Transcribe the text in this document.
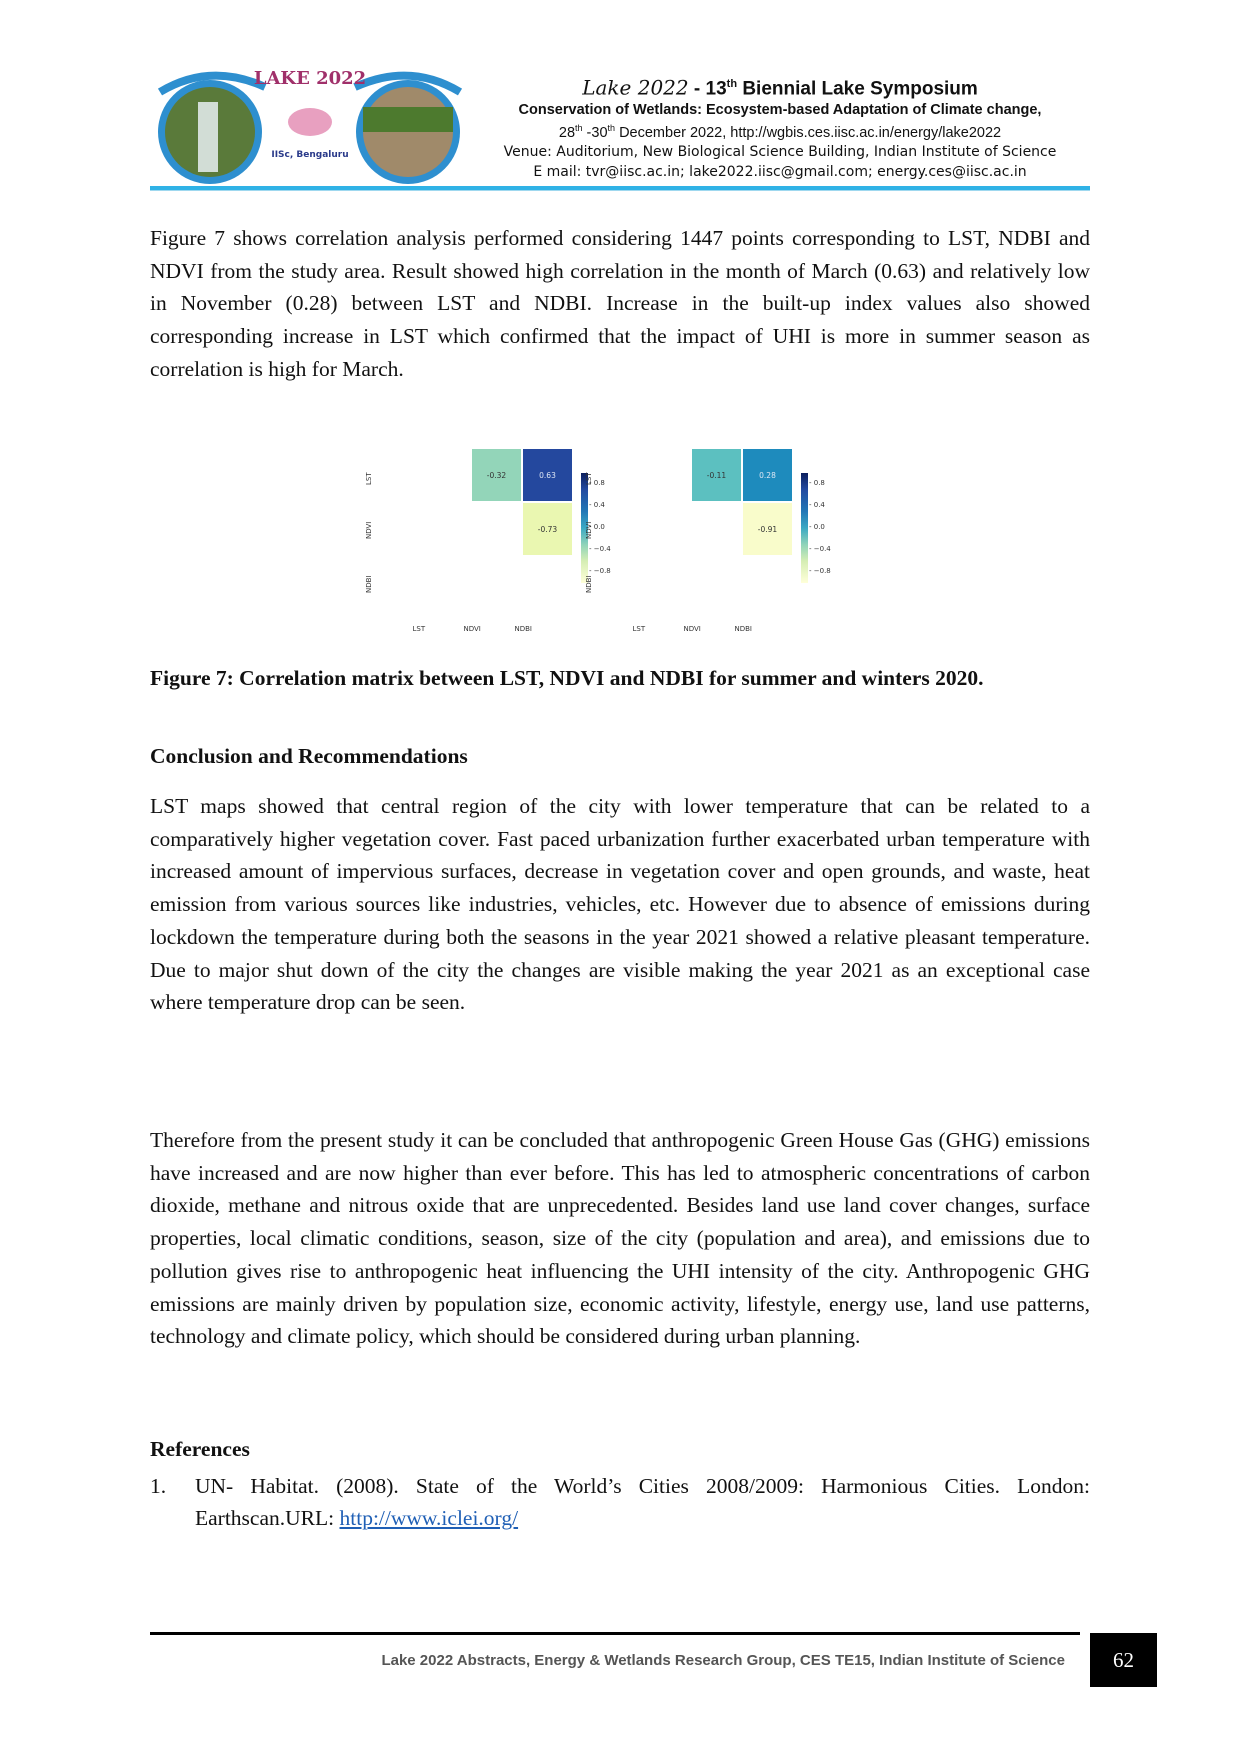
LAKE 2022
IISc, Bengaluru
Lake 2022 - 13th Biennial Lake Symposium
Conservation of Wetlands: Ecosystem-based Adaptation of Climate change,
28th -30th December 2022, http://wgbis.ces.iisc.ac.in/energy/lake2022
Venue: Auditorium, New Biological Science Building, Indian Institute of Science
E mail: tvr@iisc.ac.in; lake2022.iisc@gmail.com; energy.ces@iisc.ac.in

Figure 7 shows correlation analysis performed considering 1447 points corresponding to LST, NDBI and NDVI from the study area. Result showed high correlation in the month of March (0.63) and relatively low in November (0.28) between LST and NDBI. Increase in the built-up index values also showed corresponding increase in LST which confirmed that the impact of UHI is more in summer season as correlation is high for March.

LST
NDVI
NDBI
LST	NDVI	NDBI
-0.32	0.63
-0.73
- 0.8
- 0.4
- 0.0
- −0.4
- −0.8
LST
NDVI
NDBI
LST	NDVI	NDBI
-0.11	0.28
-0.91
- 0.8
- 0.4
- 0.0
- −0.4
- −0.8
Figure 7: Correlation matrix between LST, NDVI and NDBI for summer and winters 2020.
Conclusion and Recommendations

LST maps showed that central region of the city with lower temperature that can be related to a comparatively higher vegetation cover. Fast paced urbanization further exacerbated urban temperature with increased amount of impervious surfaces, decrease in vegetation cover and open grounds, and waste, heat emission from various sources like industries, vehicles, etc. However due to absence of emissions during lockdown the temperature during both the seasons in the year 2021 showed a relative pleasant temperature. Due to major shut down of the city the changes are visible making the year 2021 as an exceptional case where temperature drop can be seen.

Therefore from the present study it can be concluded that anthropogenic Green House Gas (GHG) emissions have increased and are now higher than ever before. This has led to atmospheric concentrations of carbon dioxide, methane and nitrous oxide that are unprecedented. Besides land use land cover changes, surface properties, local climatic conditions, season, size of the city (population and area), and emissions due to pollution gives rise to anthropogenic heat influencing the UHI intensity of the city. Anthropogenic GHG emissions are mainly driven by population size, economic activity, lifestyle, energy use, land use patterns, technology and climate policy, which should be considered during urban planning.

References
1. UN- Habitat. (2008). State of the World’s Cities 2008/2009: Harmonious Cities. London: Earthscan.URL: http://www.iclei.org/
Lake 2022 Abstracts, Energy & Wetlands Research Group, CES TE15, Indian Institute of Science	62
